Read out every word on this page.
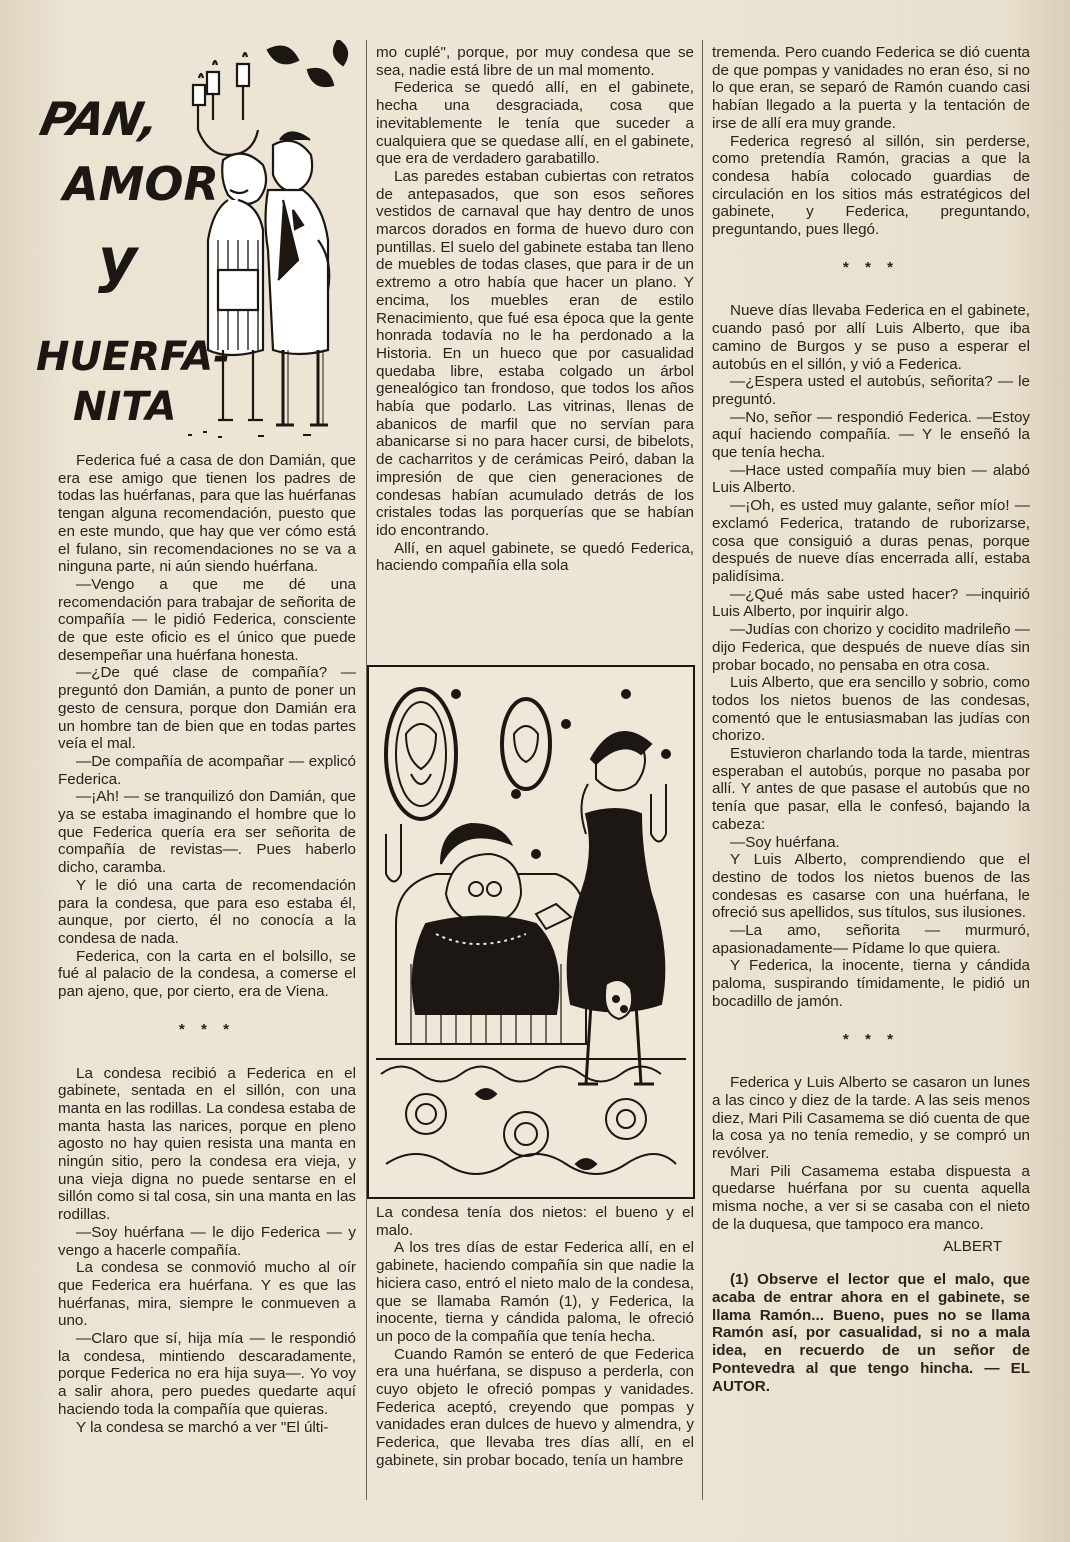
PAN,
AMOR
y
HUERFA-
NITA

Federica fué a casa de don Damián, que era ese amigo que tienen los padres de todas las huérfanas, para que las huérfanas tengan alguna recomendación, puesto que en este mundo, que hay que ver cómo está el fulano, sin recomendaciones no se va a ninguna parte, ni aún siendo huérfana.

—Vengo a que me dé una recomendación para trabajar de señorita de compañía — le pidió Federica, consciente de que este oficio es el único que puede desempeñar una huérfana honesta.

—¿De qué clase de compañía? — preguntó don Damián, a punto de poner un gesto de censura, porque don Damián era un hombre tan de bien que en todas partes veía el mal.

—De compañía de acompañar — explicó Federica.

—¡Ah! — se tranquilizó don Damián, que ya se estaba imaginando el hombre que lo que Federica quería era ser señorita de compañía de revistas—. Pues haberlo dicho, caramba.

Y le dió una carta de recomendación para la condesa, que para eso estaba él, aunque, por cierto, él no conocía a la condesa de nada.

Federica, con la carta en el bolsillo, se fué al palacio de la condesa, a comerse el pan ajeno, que, por cierto, era de Viena.

* * *

La condesa recibió a Federica en el gabinete, sentada en el sillón, con una manta en las rodillas. La condesa estaba de manta hasta las narices, porque en pleno agosto no hay quien resista una manta en ningún sitio, pero la condesa era vieja, y una vieja digna no puede sentarse en el sillón como si tal cosa, sin una manta en las rodillas.

—Soy huérfana — le dijo Federica — y vengo a hacerle compañía.

La condesa se conmovió mucho al oír que Federica era huérfana. Y es que las huérfanas, mira, siempre le conmueven a uno.

—Claro que sí, hija mía — le respondió la condesa, mintiendo descaradamente, porque Federica no era hija suya—. Yo voy a salir ahora, pero puedes quedarte aquí haciendo toda la compañía que quieras.

Y la condesa se marchó a ver "El últi-

mo cuplé", porque, por muy condesa que se sea, nadie está libre de un mal momento.

Federica se quedó allí, en el gabinete, hecha una desgraciada, cosa que inevitablemente le tenía que suceder a cualquiera que se quedase allí, en el gabinete, que era de verdadero garabatillo.

Las paredes estaban cubiertas con retratos de antepasados, que son esos señores vestidos de carnaval que hay dentro de unos marcos dorados en forma de huevo duro con puntillas. El suelo del gabinete estaba tan lleno de muebles de todas clases, que para ir de un extremo a otro había que hacer un plano. Y encima, los muebles eran de estilo Renacimiento, que fué esa época que la gente honrada todavía no le ha perdonado a la Historia. En un hueco que por casualidad quedaba libre, estaba colgado un árbol genealógico tan frondoso, que todos los años había que podarlo. Las vitrinas, llenas de abanicos de marfil que no servían para abanicarse si no para hacer cursi, de bibelots, de cacharritos y de cerámicas Peiró, daban la impresión de que cien generaciones de condesas habían acumulado detrás de los cristales todas las porquerías que se habían ido encontrando.

Allí, en aquel gabinete, se quedó Federica, haciendo compañía ella sola

La condesa tenía dos nietos: el bueno y el malo.

A los tres días de estar Federica allí, en el gabinete, haciendo compañía sin que nadie la hiciera caso, entró el nieto malo de la condesa, que se llamaba Ramón (1), y Federica, la inocente, tierna y cándida paloma, le ofreció un poco de la compañía que tenía hecha.

Cuando Ramón se enteró de que Federica era una huérfana, se dispuso a perderla, con cuyo objeto le ofreció pompas y vanidades. Federica aceptó, creyendo que pompas y vanidades eran dulces de huevo y almendra, y Federica, que llevaba tres días allí, en el gabinete, sin probar bocado, tenía un hambre

tremenda. Pero cuando Federica se dió cuenta de que pompas y vanidades no eran éso, si no lo que eran, se separó de Ramón cuando casi habían llegado a la puerta y la tentación de irse de allí era muy grande.

Federica regresó al sillón, sin perderse, como pretendía Ramón, gracias a que la condesa había colocado guardias de circulación en los sitios más estratégicos del gabinete, y Federica, preguntando, preguntando, pues llegó.

* * *

Nueve días llevaba Federica en el gabinete, cuando pasó por allí Luis Alberto, que iba camino de Burgos y se puso a esperar el autobús en el sillón, y vió a Federica.

—¿Espera usted el autobús, señorita? — le preguntó.

—No, señor — respondió Federica. —Estoy aquí haciendo compañía. — Y le enseñó la que tenía hecha.

—Hace usted compañía muy bien — alabó Luis Alberto.

—¡Oh, es usted muy galante, señor mío! — exclamó Federica, tratando de ruborizarse, cosa que consiguió a duras penas, porque después de nueve días encerrada allí, estaba palidísima.

—¿Qué más sabe usted hacer? —inquirió Luis Alberto, por inquirir algo.

—Judías con chorizo y cocidito madrileño — dijo Federica, que después de nueve días sin probar bocado, no pensaba en otra cosa.

Luis Alberto, que era sencillo y sobrio, como todos los nietos buenos de las condesas, comentó que le entusiasmaban las judías con chorizo.

Estuvieron charlando toda la tarde, mientras esperaban el autobús, porque no pasaba por allí. Y antes de que pasase el autobús que no tenía que pasar, ella le confesó, bajando la cabeza:

—Soy huérfana.

Y Luis Alberto, comprendiendo que el destino de todos los nietos buenos de las condesas es casarse con una huérfana, le ofreció sus apellidos, sus títulos, sus ilusiones.

—La amo, señorita — murmuró, apasionadamente— Pídame lo que quiera.

Y Federica, la inocente, tierna y cándida paloma, suspirando tímidamente, le pidió un bocadillo de jamón.

* * *

Federica y Luis Alberto se casaron un lunes a las cinco y diez de la tarde. A las seis menos diez, Mari Pili Casamema se dió cuenta de que la cosa ya no tenía remedio, y se compró un revólver.

Mari Pili Casamema estaba dispuesta a quedarse huérfana por su cuenta aquella misma noche, a ver si se casaba con el nieto de la duquesa, que tampoco era manco.

ALBERT

(1) Observe el lector que el malo, que acaba de entrar ahora en el gabinete, se llama Ramón... Bueno, pues no se llama Ramón así, por casualidad, si no a mala idea, en recuerdo de un señor de Pontevedra al que tengo hincha. — EL AUTOR.
